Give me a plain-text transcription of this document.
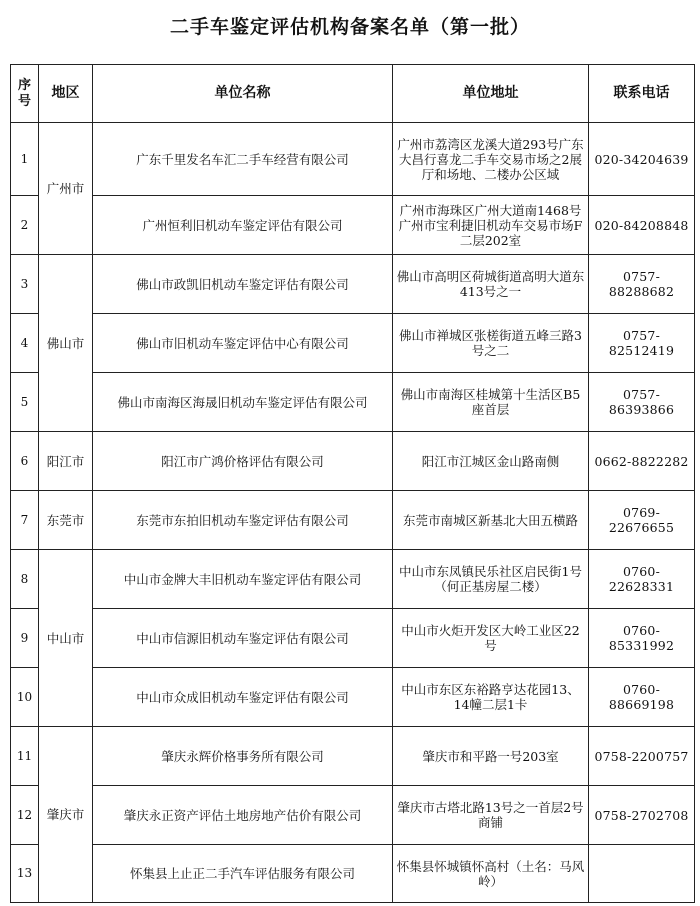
二手车鉴定评估机构备案名单（第一批）
序号	地区	单位名称	单位地址	联系电话
1	广州市	广东千里发名车汇二手车经营有限公司	广州市荔湾区龙溪大道293号广东大昌行喜龙二手车交易市场之2展厅和场地、二楼办公区域	020-34204639
2		广州恒利旧机动车鉴定评估有限公司	广州市海珠区广州大道南1468号广州市宝利捷旧机动车交易市场F二层202室	020-84208848
3	佛山市	佛山市政凯旧机动车鉴定评估有限公司	佛山市高明区荷城街道高明大道东413号之一	0757-88288682
4		佛山市旧机动车鉴定评估中心有限公司	佛山市禅城区张槎街道五峰三路3号之二	0757-82512419
5		佛山市南海区海晟旧机动车鉴定评估有限公司	佛山市南海区桂城第十生活区B5座首层	0757-86393866
6	阳江市	阳江市广鸿价格评估有限公司	阳江市江城区金山路南侧	0662-8822282
7	东莞市	东莞市东拍旧机动车鉴定评估有限公司	东莞市南城区新基北大田五横路	0769-22676655
8	中山市	中山市金牌大丰旧机动车鉴定评估有限公司	中山市东凤镇民乐社区启民街1号（何正基房屋二楼）	0760-22628331
9		中山市信源旧机动车鉴定评估有限公司	中山市火炬开发区大岭工业区22号	0760-85331992
10		中山市众成旧机动车鉴定评估有限公司	中山市东区东裕路亨达花园13、14幢二层1卡	0760-88669198
11	肇庆市	肇庆永辉价格事务所有限公司	肇庆市和平路一号203室	0758-2200757
12		肇庆永正资产评估土地房地产估价有限公司	肇庆市古塔北路13号之一首层2号商铺	0758-2702708
13		怀集县上止正二手汽车评估服务有限公司	怀集县怀城镇怀高村（土名：马风岭）	
